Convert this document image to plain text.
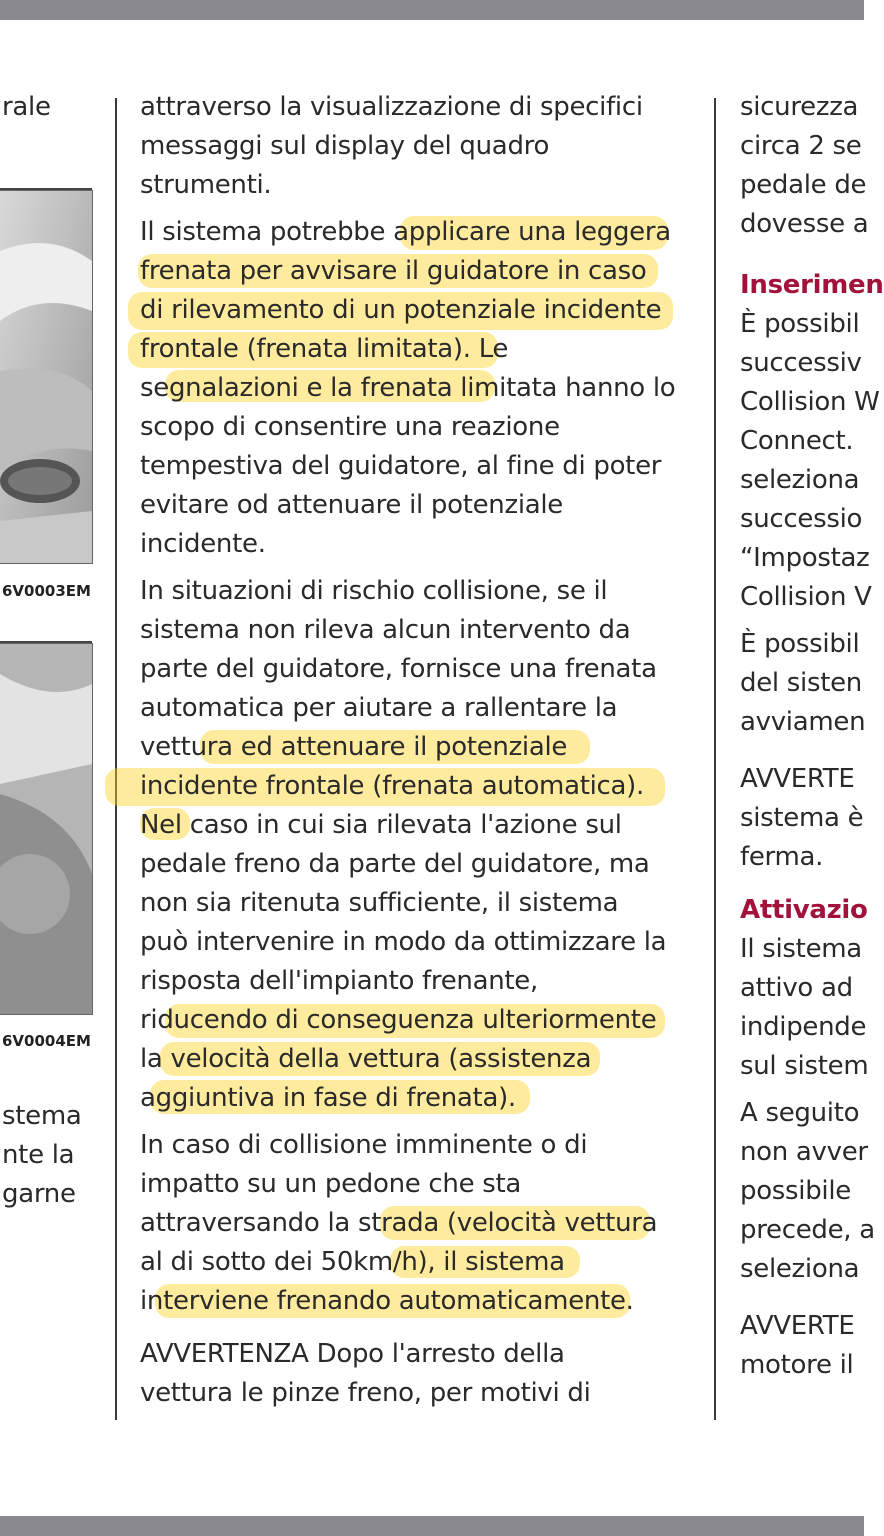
rale
6V0003EM
6V0004EM
stema
nte la
garne
attraverso la visualizzazione di specifici
messaggi sul display del quadro
strumenti.
Il sistema potrebbe applicare una leggera
frenata per avvisare il guidatore in caso
di rilevamento di un potenziale incidente
frontale (frenata limitata). Le
segnalazioni e la frenata limitata hanno lo
scopo di consentire una reazione
tempestiva del guidatore, al fine di poter
evitare od attenuare il potenziale
incidente.
In situazioni di rischio collisione, se il
sistema non rileva alcun intervento da
parte del guidatore, fornisce una frenata
automatica per aiutare a rallentare la
vettura ed attenuare il potenziale
incidente frontale (frenata automatica).
Nel caso in cui sia rilevata l'azione sul
pedale freno da parte del guidatore, ma
non sia ritenuta sufficiente, il sistema
può intervenire in modo da ottimizzare la
risposta dell'impianto frenante,
riducendo di conseguenza ulteriormente
la velocità della vettura (assistenza
aggiuntiva in fase di frenata).
In caso di collisione imminente o di
impatto su un pedone che sta
attraversando la strada (velocità vettura
al di sotto dei 50km/h), il sistema
interviene frenando automaticamente.
AVVERTENZA Dopo l'arresto della
vettura le pinze freno, per motivi di
sicurezza
circa 2 se
pedale de
dovesse a
Inserimen
È possibil
successiv
Collision W
Connect.
seleziona
successio
“Impostaz
Collision V
È possibil
del sisten
avviamen
AVVERTE
sistema è
ferma.
Attivazio
Il sistema
attivo ad
indipende
sul sistem
A seguito
non avver
possibile
precede, a
seleziona
AVVERTE
motore il
